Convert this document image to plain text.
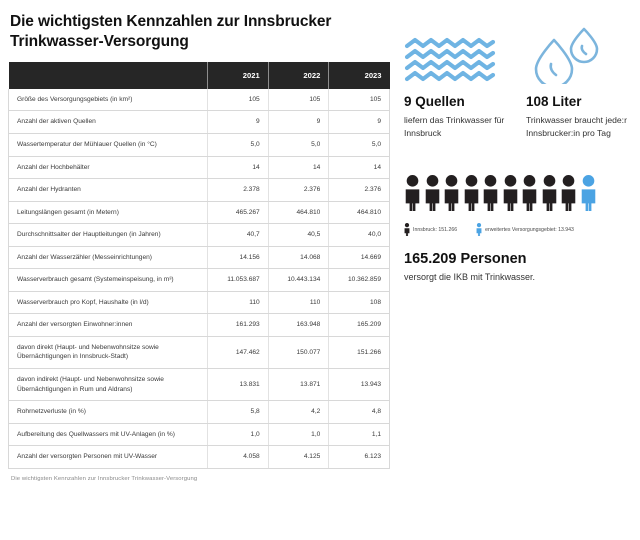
Die wichtigsten Kennzahlen zur Innsbrucker Trinkwasser-Versorgung
	2021	2022	2023
Größe des Versorgungsgebiets (in km²)	105	105	105
Anzahl der aktiven Quellen	9	9	9
Wassertemperatur der Mühlauer Quellen (in °C)	5,0	5,0	5,0
Anzahl der Hochbehälter	14	14	14
Anzahl der Hydranten	2.378	2.376	2.376
Leitungslängen gesamt (in Metern)	465.267	464.810	464.810
Durchschnittsalter der Hauptleitungen (in Jahren)	40,7	40,5	40,0
Anzahl der Wasserzähler (Messeinrichtungen)	14.156	14.068	14.669
Wasserverbrauch gesamt (Systemeinspeisung, in m³)	11.053.687	10.443.134	10.362.859
Wasserverbrauch pro Kopf, Haushalte (in l/d)	110	110	108
Anzahl der versorgten Einwohner:innen	161.293	163.948	165.209
davon direkt (Haupt- und Nebenwohnsitze sowie Übernächtigungen in Innsbruck-Stadt)	147.462	150.077	151.266
davon indirekt (Haupt- und Nebenwohnsitze sowie Übernächtigungen in Rum und Aldrans)	13.831	13.871	13.943
Rohrnetzverluste (in %)	5,8	4,2	4,8
Aufbereitung des Quellwassers mit UV-Anlagen (in %)	1,0	1,0	1,1
Anzahl der versorgten Personen mit UV-Wasser	4.058	4.125	6.123
Die wichtigsten Kennzahlen zur Innsbrucker Trinkwasser-Versorgung
9 Quellen
liefern das Trinkwasser für Innsbruck
108 Liter
Trinkwasser braucht jede:r Innsbrucker:in pro Tag
Innsbruck: 151.266	erweitertes Versorgungsgebiet: 13.943
165.209 Personen
versorgt die IKB mit Trinkwasser.
